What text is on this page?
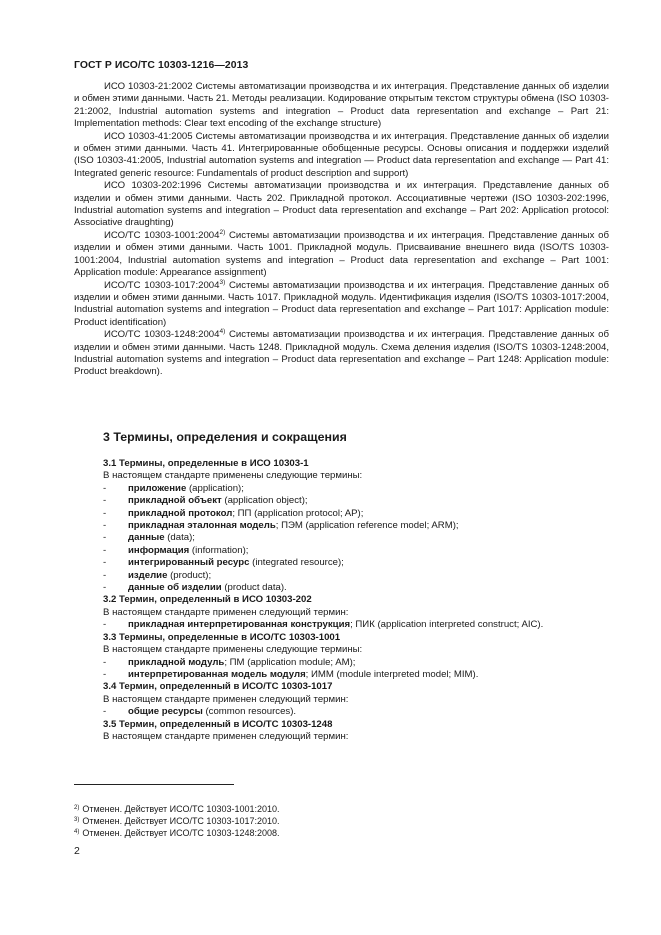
ГОСТ Р ИСО/ТС 10303-1216—2013

ИСО 10303-21:2002 Системы автоматизации производства и их интеграция. Представление данных об изделии и обмен этими данными. Часть 21. Методы реализации. Кодирование открытым текстом структуры обмена (ISO 10303-21:2002, Industrial automation systems and integration – Product data representation and exchange – Part 21: Implementation methods: Clear text encoding of the exchange structure)

ИСО 10303-41:2005 Системы автоматизации производства и их интеграция. Представление данных об изделии и обмен этими данными. Часть 41. Интегрированные обобщенные ресурсы. Основы описания и поддержки изделий (ISO 10303-41:2005, Industrial automation systems and integration — Product data representation and exchange — Part 41: Integrated generic resource: Fundamentals of product description and support)

ИСО 10303-202:1996 Системы автоматизации производства и их интеграция. Представление данных об изделии и обмен этими данными. Часть 202. Прикладной протокол. Ассоциативные чертежи (ISO 10303-202:1996, Industrial automation systems and integration – Product data representation and exchange – Part 202: Application protocol: Associative draughting)

ИСО/ТС 10303-1001:2004$^{2)}$ Системы автоматизации производства и их интеграция. Представление данных об изделии и обмен этими данными. Часть 1001. Прикладной модуль. Присваивание внешнего вида (ISO/TS 10303-1001:2004, Industrial automation systems and integration – Product data representation and exchange – Part 1001: Application module: Appearance assignment)

ИСО/ТС 10303-1017:2004$^{3)}$ Системы автоматизации производства и их интеграция. Представление данных об изделии и обмен этими данными. Часть 1017. Прикладной модуль. Идентификация изделия (ISO/TS 10303-1017:2004, Industrial automation systems and integration – Product data representation and exchange – Part 1017: Application module: Product identification)

ИСО/ТС 10303-1248:2004$^{4)}$ Системы автоматизации производства и их интеграция. Представление данных об изделии и обмен этими данными. Часть 1248. Прикладной модуль. Схема деления изделия (ISO/TS 10303-1248:2004, Industrial automation systems and integration – Product data representation and exchange – Part 1248: Application module: Product breakdown).

3 Термины, определения и сокращения

3.1 Термины, определенные в ИСО 10303-1

В настоящем стандарте применены следующие термины:

- приложение (application);

- прикладной объект (application object);

- прикладной протокол; ПП (application protocol; AP);

- прикладная эталонная модель; ПЭМ (application reference model; ARM);

- данные (data);

- информация (information);

- интегрированный ресурс (integrated resource);

- изделие (product);

- данные об изделии (product data).

3.2 Термин, определенный в ИСО 10303-202

В настоящем стандарте применен следующий термин:

- прикладная интерпретированная конструкция; ПИК (application interpreted construct; AIC).

3.3 Термины, определенные в ИСО/ТС 10303-1001

В настоящем стандарте применены следующие термины:

- прикладной модуль; ПМ (application module; AM);

- интерпретированная модель модуля; ИММ (module interpreted model; MIM).

3.4 Термин, определенный в ИСО/ТС 10303-1017

В настоящем стандарте применен следующий термин:

- общие ресурсы (common resources).

3.5 Термин, определенный в ИСО/ТС 10303-1248

В настоящем стандарте применен следующий термин:

$^{2)}$ Отменен. Действует ИСО/ТС 10303-1001:2010.

$^{3)}$ Отменен. Действует ИСО/ТС 10303-1017:2010.

$^{4)}$ Отменен. Действует ИСО/ТС 10303-1248:2008.

2
